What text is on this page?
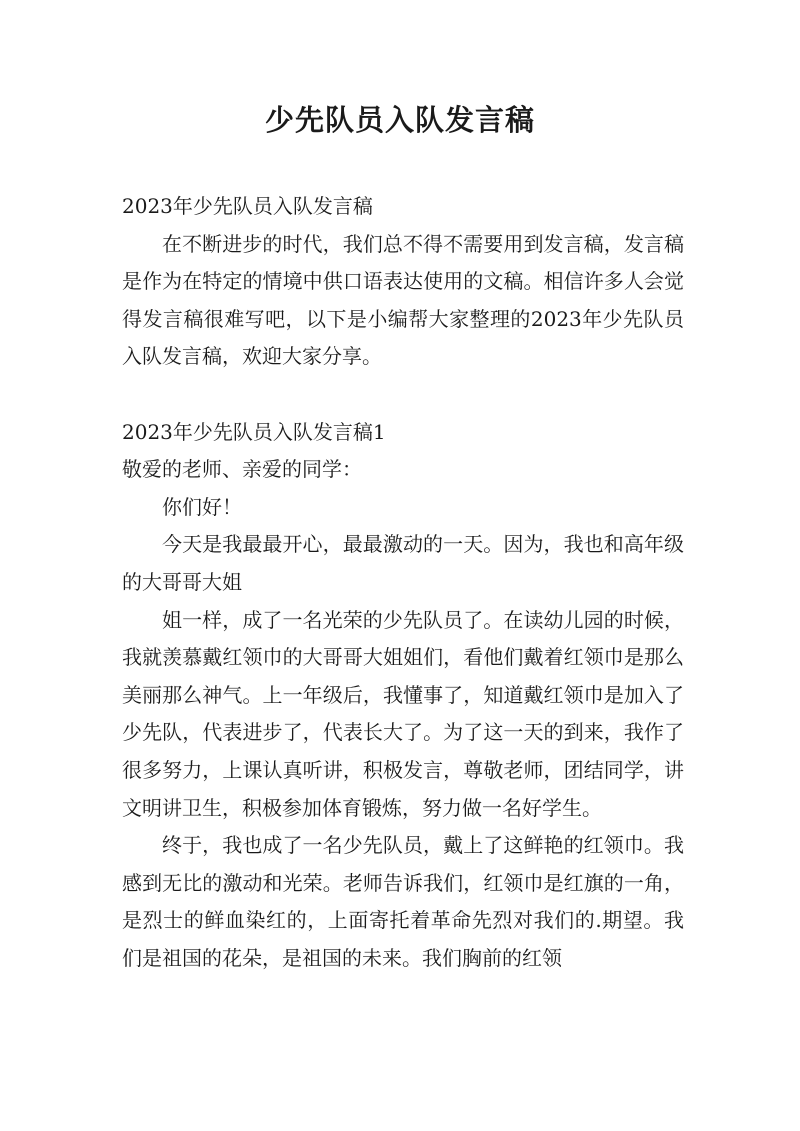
少先队员入队发言稿

2023年少先队员入队发言稿

在不断进步的时代，我们总不得不需要用到发言稿，发言稿是作为在特定的情境中供口语表达使用的文稿。相信许多人会觉得发言稿很难写吧，以下是小编帮大家整理的2023年少先队员入队发言稿，欢迎大家分享。

2023年少先队员入队发言稿1

敬爱的老师、亲爱的同学：

你们好！

今天是我最最开心，最最激动的一天。因为，我也和高年级的大哥哥大姐

姐一样，成了一名光荣的少先队员了。在读幼儿园的时候，我就羡慕戴红领巾的大哥哥大姐姐们，看他们戴着红领巾是那么美丽那么神气。上一年级后，我懂事了，知道戴红领巾是加入了少先队，代表进步了，代表长大了。为了这一天的到来，我作了很多努力，上课认真听讲，积极发言，尊敬老师，团结同学，讲文明讲卫生，积极参加体育锻炼，努力做一名好学生。

终于，我也成了一名少先队员，戴上了这鲜艳的红领巾。我感到无比的激动和光荣。老师告诉我们，红领巾是红旗的一角，是烈士的鲜血染红的，上面寄托着革命先烈对我们的.期望。我们是祖国的花朵，是祖国的未来。我们胸前的红领
